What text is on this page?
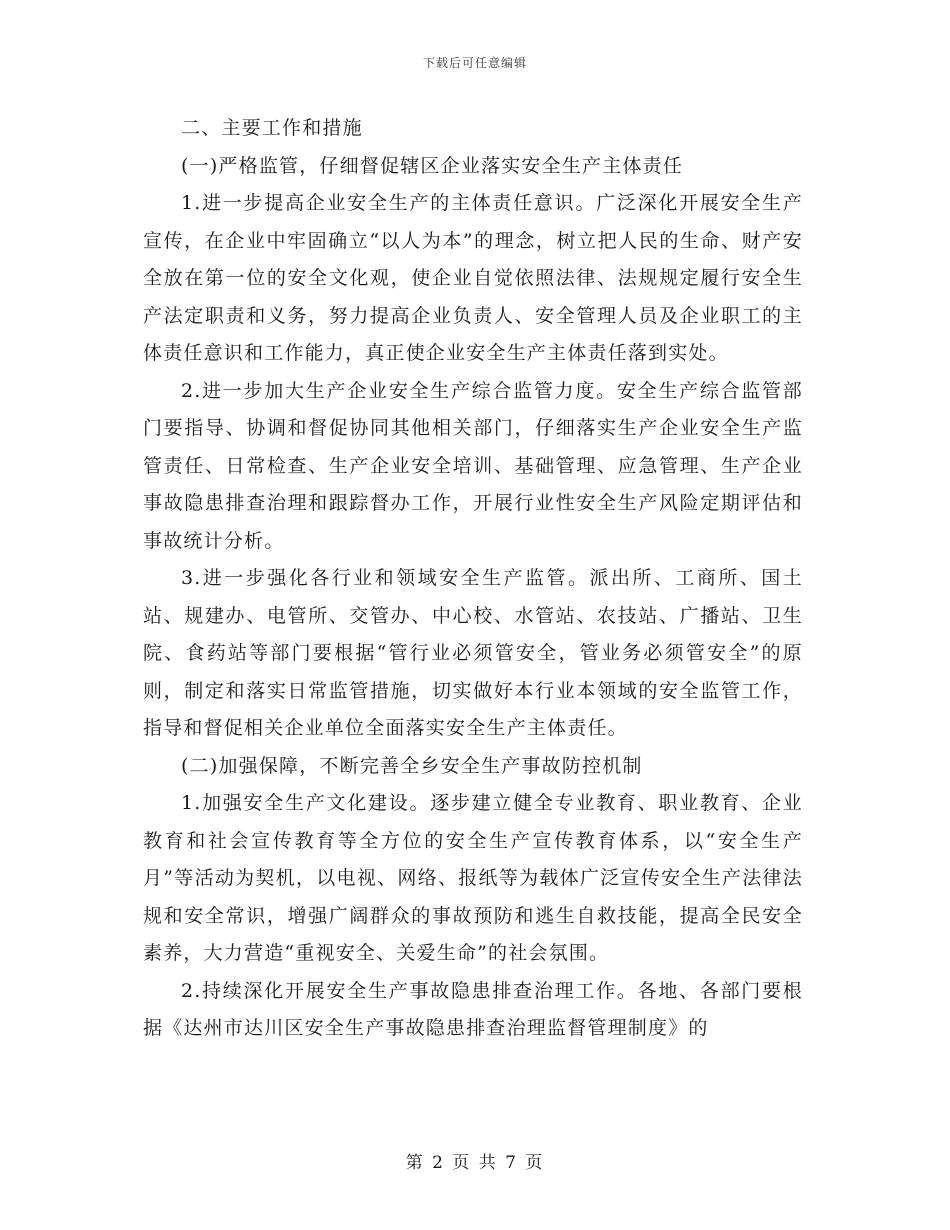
下载后可任意编辑

二、主要工作和措施

(一)严格监管，仔细督促辖区企业落实安全生产主体责任

1.进一步提高企业安全生产的主体责任意识。广泛深化开展安全生产宣传，在企业中牢固确立“以人为本”的理念，树立把人民的生命、财产安全放在第一位的安全文化观，使企业自觉依照法律、法规规定履行安全生产法定职责和义务，努力提高企业负责人、安全管理人员及企业职工的主体责任意识和工作能力，真正使企业安全生产主体责任落到实处。

2.进一步加大生产企业安全生产综合监管力度。安全生产综合监管部门要指导、协调和督促协同其他相关部门，仔细落实生产企业安全生产监管责任、日常检查、生产企业安全培训、基础管理、应急管理、生产企业事故隐患排查治理和跟踪督办工作，开展行业性安全生产风险定期评估和事故统计分析。

3.进一步强化各行业和领域安全生产监管。派出所、工商所、国土站、规建办、电管所、交管办、中心校、水管站、农技站、广播站、卫生院、食药站等部门要根据“管行业必须管安全，管业务必须管安全”的原则，制定和落实日常监管措施，切实做好本行业本领域的安全监管工作，指导和督促相关企业单位全面落实安全生产主体责任。

(二)加强保障，不断完善全乡安全生产事故防控机制

1.加强安全生产文化建设。逐步建立健全专业教育、职业教育、企业教育和社会宣传教育等全方位的安全生产宣传教育体系，以“安全生产月”等活动为契机，以电视、网络、报纸等为载体广泛宣传安全生产法律法规和安全常识，增强广阔群众的事故预防和逃生自救技能，提高全民安全素养，大力营造“重视安全、关爱生命”的社会氛围。

2.持续深化开展安全生产事故隐患排查治理工作。各地、各部门要根据《达州市达川区安全生产事故隐患排查治理监督管理制度》的

第 2 页 共 7 页
